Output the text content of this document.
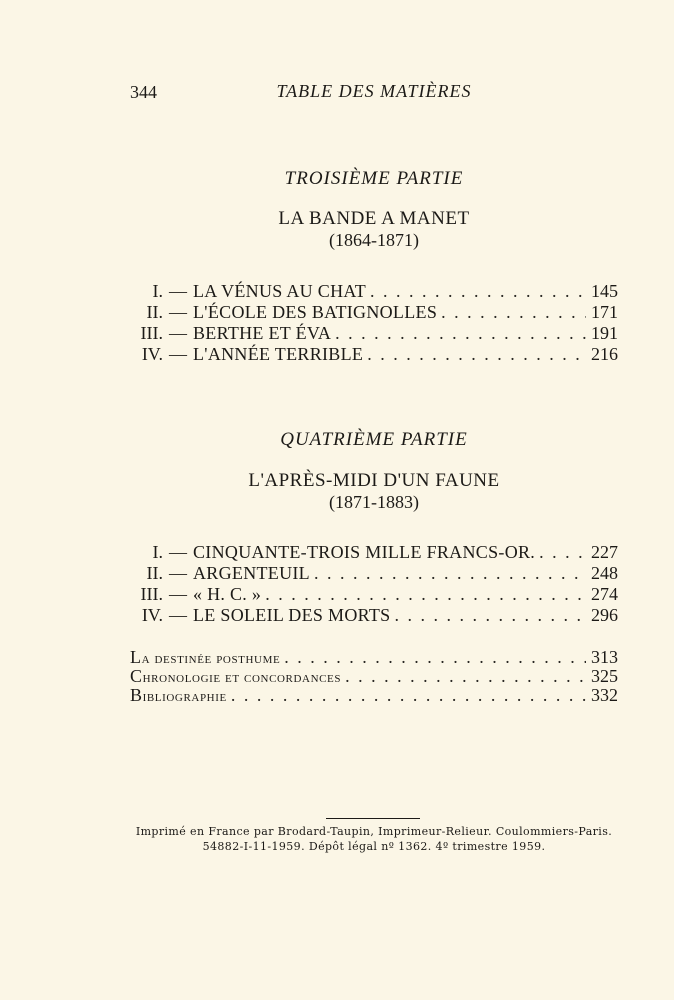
344	TABLE DES MATIÈRES
TROISIÈME PARTIE
LA BANDE A MANET
(1864-1871)
I. — LA VÉNUS AU CHAT . . .	145
II. — L'ÉCOLE DES BATIGNOLLES . . .	171
III. — BERTHE ET ÉVA . . .	191
IV. — L'ANNÉE TERRIBLE . . .	216
QUATRIÈME PARTIE
L'APRÈS-MIDI D'UN FAUNE
(1871-1883)
I. — CINQUANTE-TROIS MILLE FRANCS-OR. . . .	227
II. — ARGENTEUIL . . .	248
III. — « H. C. » . . .	274
IV. — LE SOLEIL DES MORTS . . .	296
La destinée posthume . . .	313
Chronologie et concordances . . .	325
Bibliographie . . .	332
Imprimé en France par Brodard-Taupin, Imprimeur-Relieur. Coulommiers-Paris.
54882-I-11-1959. Dépôt légal nº 1362. 4º trimestre 1959.
